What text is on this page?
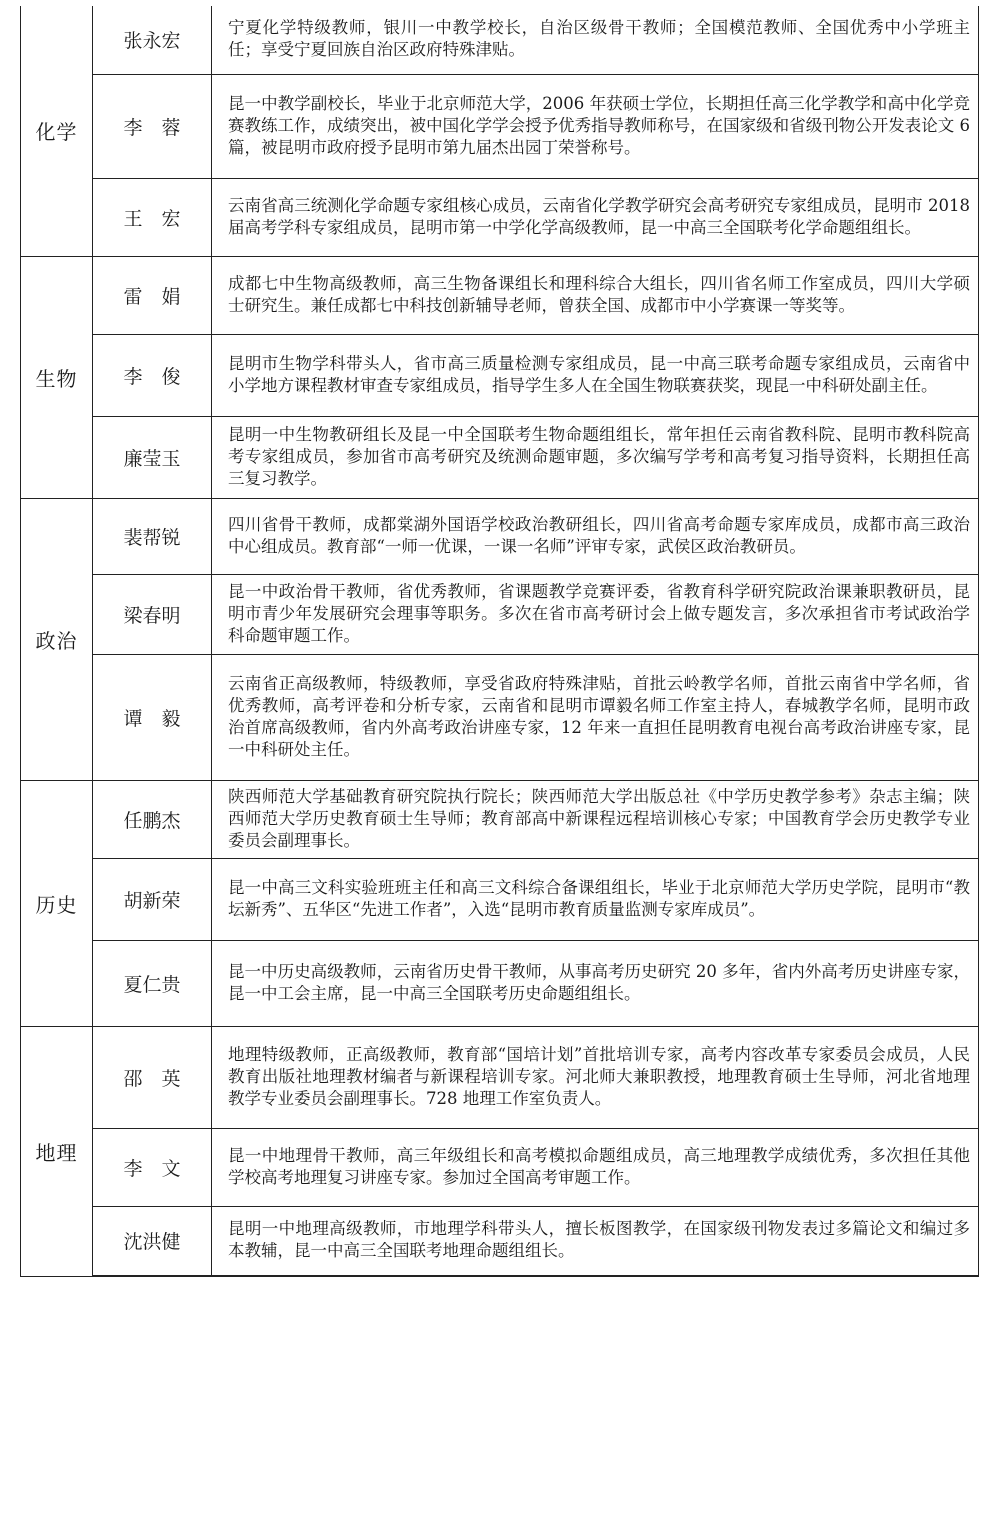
化学	张永宏	宁夏化学特级教师，银川一中教学校长，自治区级骨干教师；全国模范教师、全国优秀中小学班主任；享受宁夏回族自治区政府特殊津贴。
	李　蓉	昆一中教学副校长，毕业于北京师范大学，2006 年获硕士学位，长期担任高三化学教学和高中化学竞赛教练工作，成绩突出，被中国化学学会授予优秀指导教师称号，在国家级和省级刊物公开发表论文 6 篇，被昆明市政府授予昆明市第九届杰出园丁荣誉称号。
	王　宏	云南省高三统测化学命题专家组核心成员，云南省化学教学研究会高考研究专家组成员，昆明市 2018 届高考学科专家组成员，昆明市第一中学化学高级教师，昆一中高三全国联考化学命题组组长。
生物	雷　娟	成都七中生物高级教师，高三生物备课组长和理科综合大组长，四川省名师工作室成员，四川大学硕士研究生。兼任成都七中科技创新辅导老师，曾获全国、成都市中小学赛课一等奖等。
	李　俊	昆明市生物学科带头人，省市高三质量检测专家组成员，昆一中高三联考命题专家组成员，云南省中小学地方课程教材审查专家组成员，指导学生多人在全国生物联赛获奖，现昆一中科研处副主任。
	廉莹玉	昆明一中生物教研组长及昆一中全国联考生物命题组组长，常年担任云南省教科院、昆明市教科院高考专家组成员，参加省市高考研究及统测命题审题，多次编写学考和高考复习指导资料，长期担任高三复习教学。
政治	裴帮锐	四川省骨干教师，成都棠湖外国语学校政治教研组长，四川省高考命题专家库成员，成都市高三政治中心组成员。教育部“一师一优课，一课一名师”评审专家，武侯区政治教研员。
	梁春明	昆一中政治骨干教师，省优秀教师，省课题教学竞赛评委，省教育科学研究院政治课兼职教研员，昆明市青少年发展研究会理事等职务。多次在省市高考研讨会上做专题发言，多次承担省市考试政治学科命题审题工作。
	谭　毅	云南省正高级教师，特级教师，享受省政府特殊津贴，首批云岭教学名师，首批云南省中学名师，省优秀教师，高考评卷和分析专家，云南省和昆明市谭毅名师工作室主持人，春城教学名师，昆明市政治首席高级教师，省内外高考政治讲座专家，12 年来一直担任昆明教育电视台高考政治讲座专家，昆一中科研处主任。
历史	任鹏杰	陕西师范大学基础教育研究院执行院长；陕西师范大学出版总社《中学历史教学参考》杂志主编；陕西师范大学历史教育硕士生导师；教育部高中新课程远程培训核心专家；中国教育学会历史教学专业委员会副理事长。
	胡新荣	昆一中高三文科实验班班主任和高三文科综合备课组组长，毕业于北京师范大学历史学院，昆明市“教坛新秀”、五华区“先进工作者”，入选“昆明市教育质量监测专家库成员”。
	夏仁贵	昆一中历史高级教师，云南省历史骨干教师，从事高考历史研究 20 多年，省内外高考历史讲座专家，昆一中工会主席，昆一中高三全国联考历史命题组组长。
地理	邵　英	地理特级教师，正高级教师，教育部“国培计划”首批培训专家，高考内容改革专家委员会成员，人民教育出版社地理教材编者与新课程培训专家。河北师大兼职教授，地理教育硕士生导师，河北省地理教学专业委员会副理事长。728 地理工作室负责人。
	李　文	昆一中地理骨干教师，高三年级组长和高考模拟命题组成员，高三地理教学成绩优秀，多次担任其他学校高考地理复习讲座专家。参加过全国高考审题工作。
	沈洪健	昆明一中地理高级教师，市地理学科带头人，擅长板图教学，在国家级刊物发表过多篇论文和编过多本教辅，昆一中高三全国联考地理命题组组长。
